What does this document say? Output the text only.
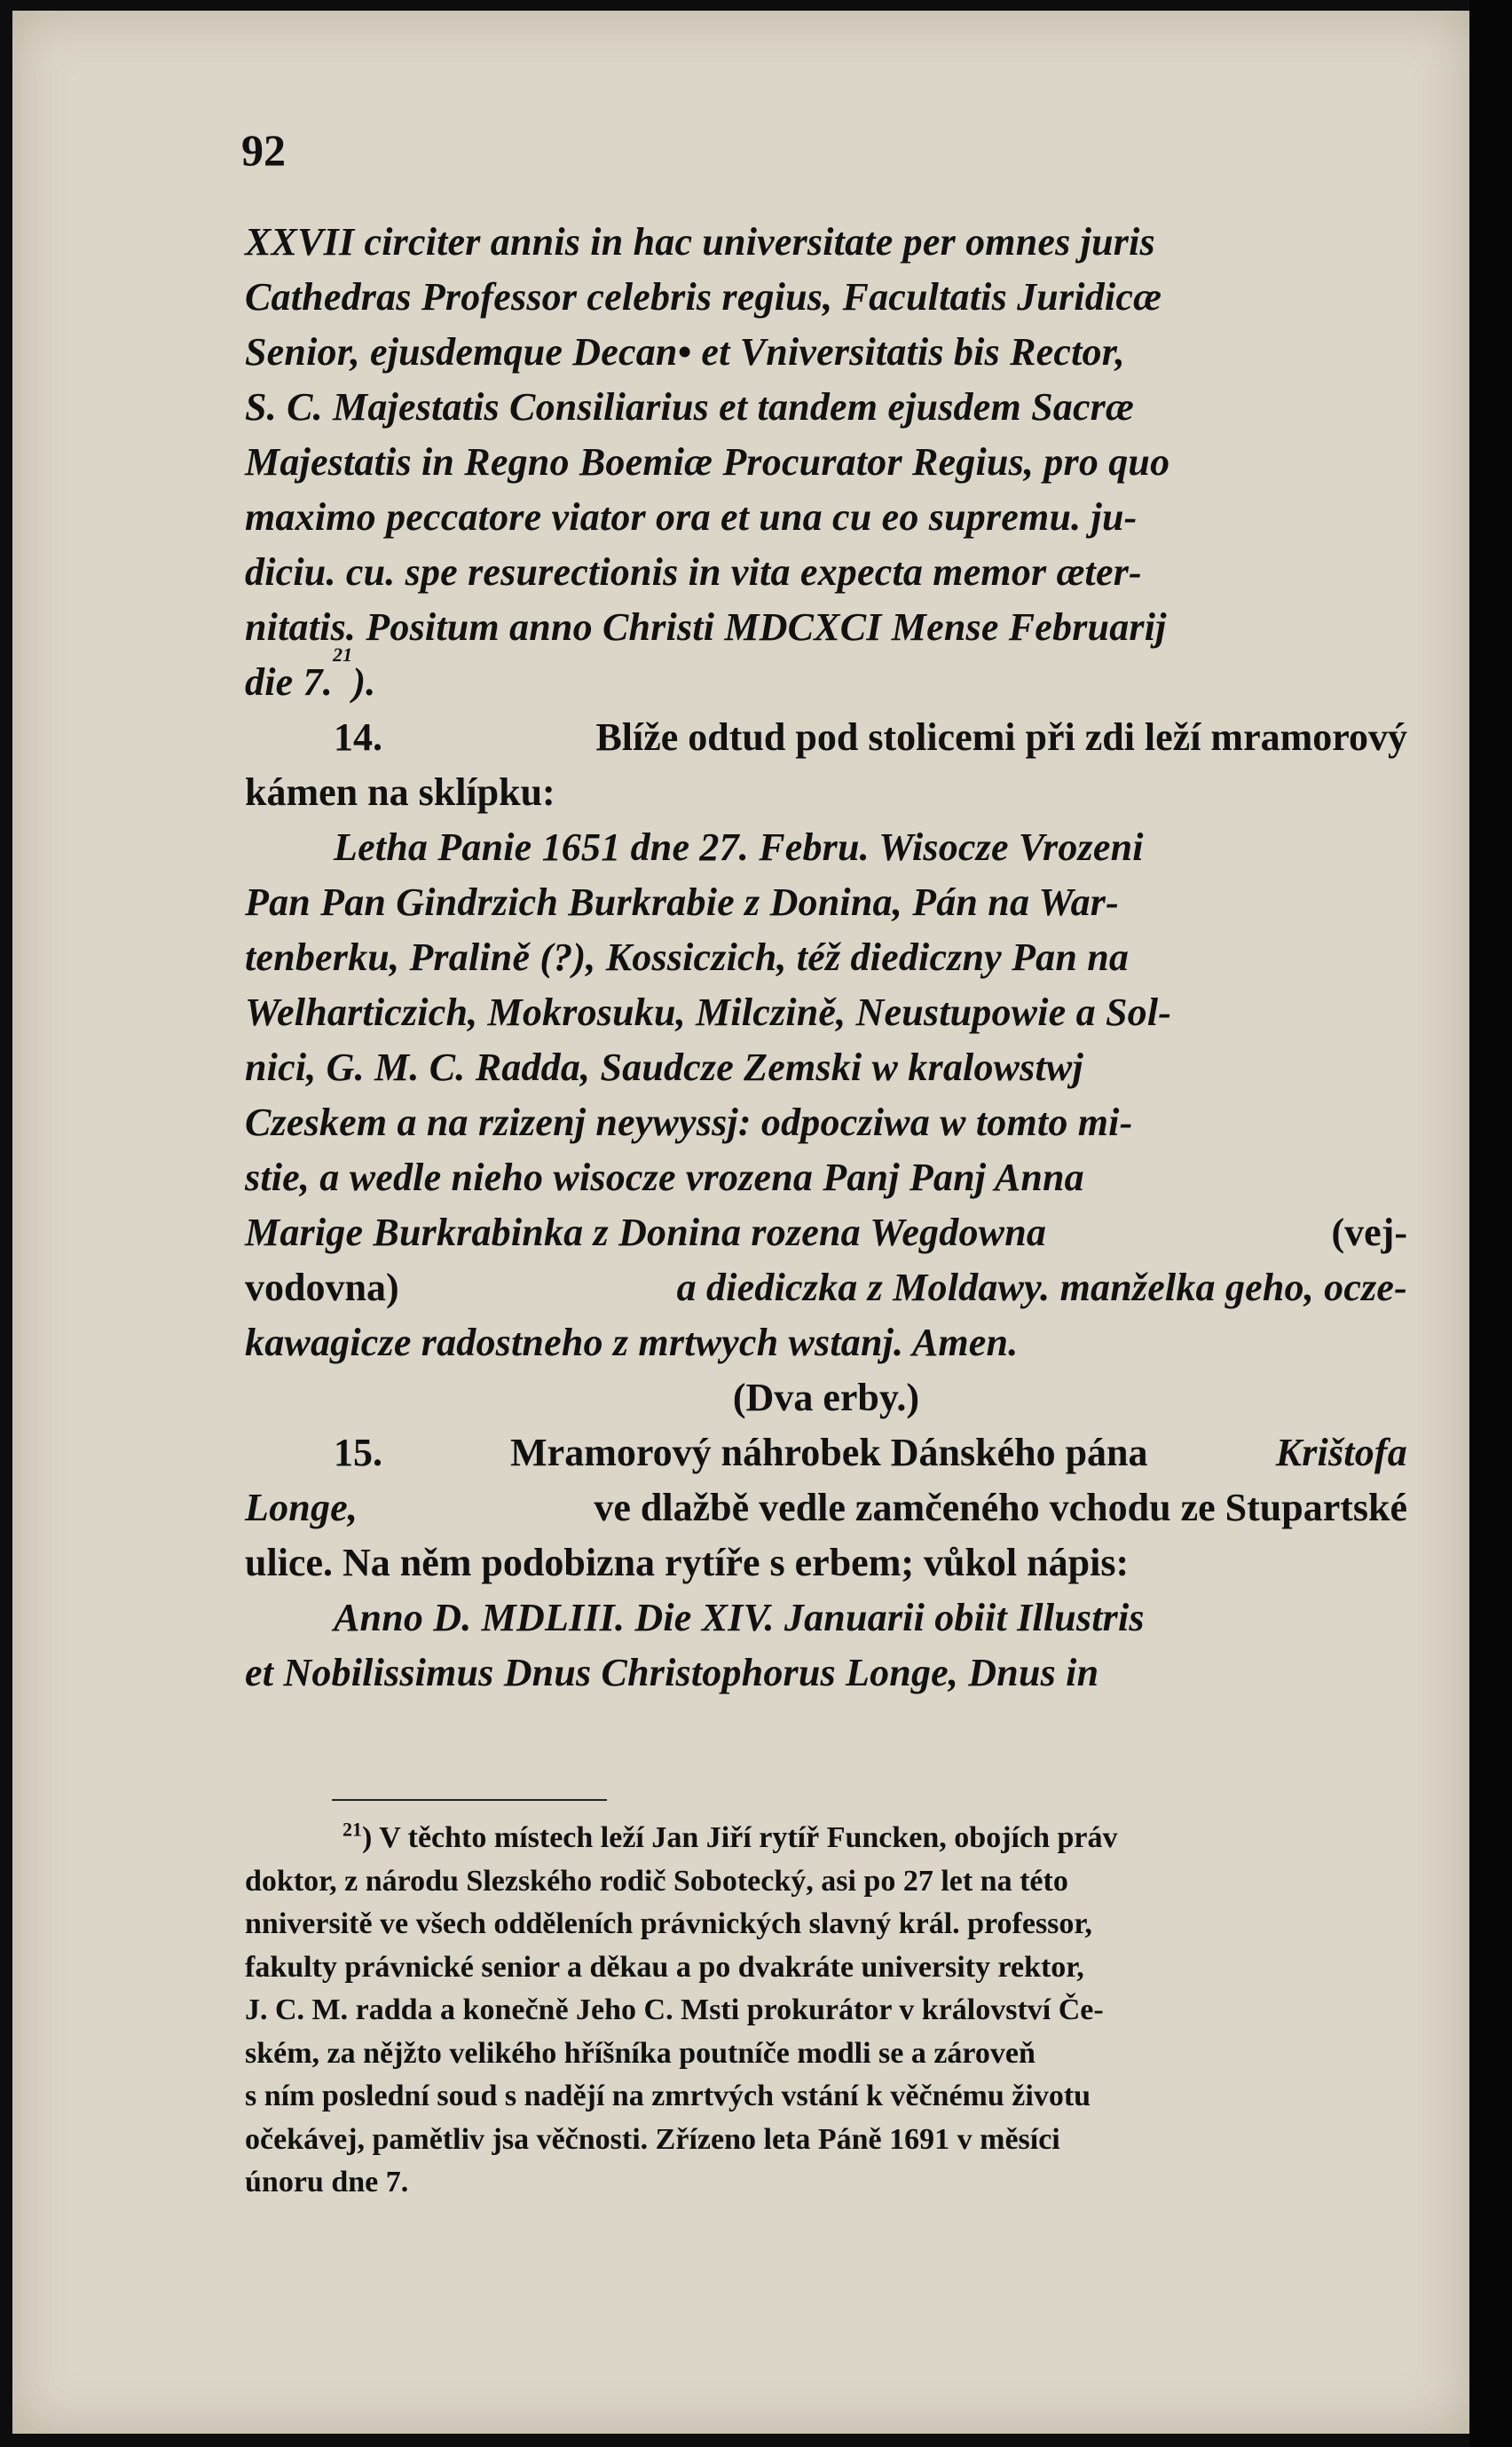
92
XXVII circiter annis in hac universitate per omnes juris
Cathedras Professor celebris regius, Facultatis Juridicæ
Senior, ejusdemque Decan• et Vniversitatis bis Rector,
S. C. Majestatis Consiliarius et tandem ejusdem Sacræ
Majestatis in Regno Boemiæ Procurator Regius, pro quo
maximo peccatore viator ora et una cu eo supremu. ju-
diciu. cu. spe resurectionis in vita expecta memor æter-
nitatis. Positum anno Christi MDCXCI Mense Februarij
die 7.
21
).
14.	Blíže odtud pod stolicemi při zdi leží mramorový
kámen na sklípku:
Letha Panie 1651 dne 27. Febru. Wisocze Vrozeni
Pan Pan Gindrzich Burkrabie z Donina, Pán na War-
tenberku, Pralině (?), Kossiczich, též diediczny Pan na
Welharticzich, Mokrosuku, Milczině, Neustupowie a Sol-
nici, G. M. C. Radda, Saudcze Zemski w kralowstwj
Czeskem a na rzizenj neywyssj: odpocziwa w tomto mi-
stie, a wedle nieho wisocze vrozena Panj Panj Anna
Marige Burkrabinka z Donina rozena Wegdowna	(vej-
vodovna)	a diediczka z Moldawy. manželka geho, ocze-
kawagicze radostneho z mrtwych wstanj. Amen.
(Dva erby.)
15.	Mramorový náhrobek Dánského pána	Krištofa
Longe,	ve dlažbě vedle zamčeného vchodu ze Stupartské
ulice. Na něm podobizna rytíře s erbem; vůkol nápis:
Anno D. MDLIII. Die XIV. Januarii obiit Illustris
et Nobilissimus Dnus Christophorus Longe, Dnus in
$^{21}$) V těchto místech leží Jan Jiří rytíř Funcken, obojích práv
doktor, z národu Slezského rodič Sobotecký, asi po 27 let na této
nniversitě ve všech odděleních právnických slavný král. professor,
fakulty právnické senior a děkau a po dvakráte university rektor,
J. C. M. radda a konečně Jeho C. Msti prokurátor v království Če-
ském, za nějžto velikého hříšníka poutníče modli se a zároveň
s ním poslední soud s nadějí na zmrtvých vstání k věčnému životu
očekávej, pamětliv jsa věčnosti. Zřízeno leta Páně 1691 v měsíci
únoru dne 7.
